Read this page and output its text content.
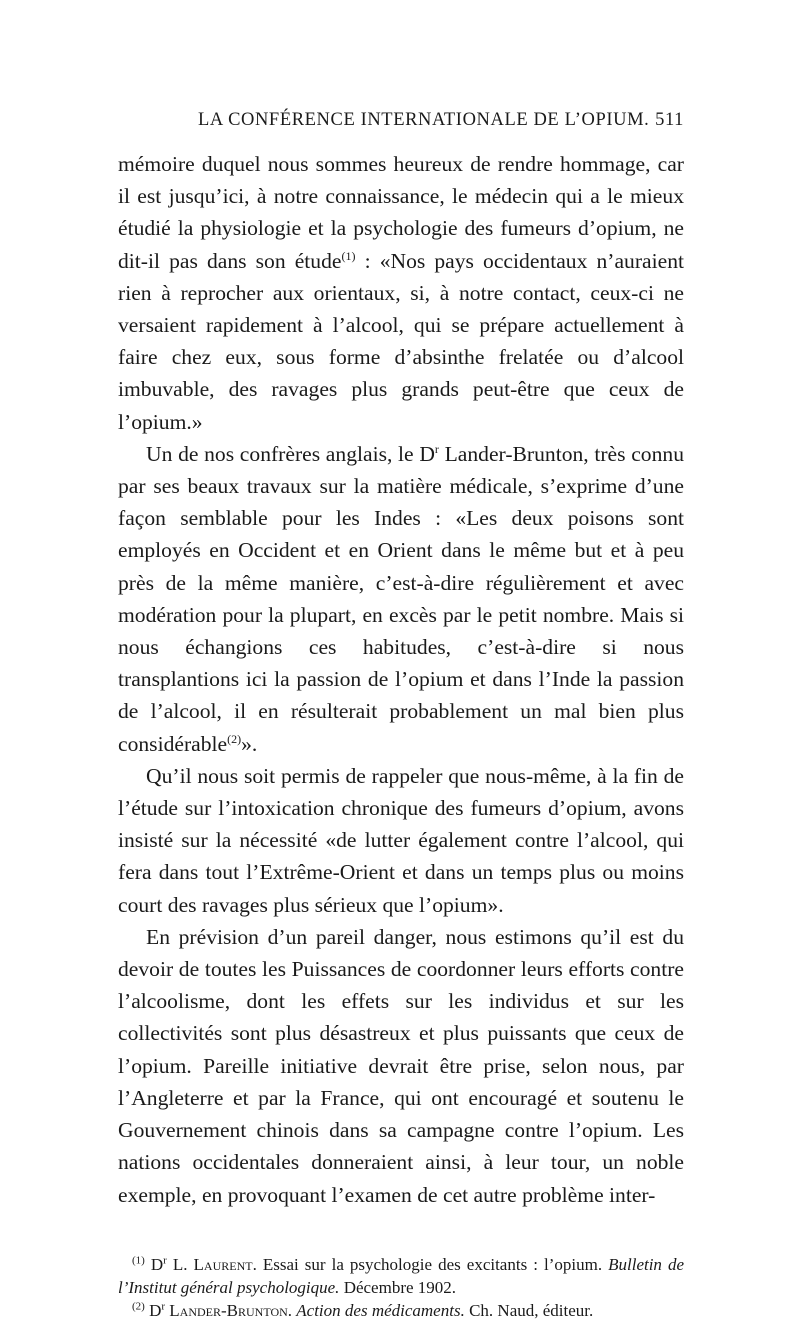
LA CONFÉRENCE INTERNATIONALE DE L’OPIUM. 511

mémoire duquel nous sommes heureux de rendre hommage, car il est jusqu’ici, à notre connaissance, le médecin qui a le mieux étudié la physiologie et la psychologie des fumeurs d’opium, ne dit-il pas dans son étude$^{(1)}$ : «Nos pays occidentaux n’auraient rien à reprocher aux orientaux, si, à notre contact, ceux-ci ne versaient rapidement à l’alcool, qui se prépare actuellement à faire chez eux, sous forme d’absinthe frelatée ou d’alcool imbuvable, des ravages plus grands peut-être que ceux de l’opium.»

Un de nos confrères anglais, le D$^r$ Lander-Brunton, très connu par ses beaux travaux sur la matière médicale, s’exprime d’une façon semblable pour les Indes : «Les deux poisons sont employés en Occident et en Orient dans le même but et à peu près de la même manière, c’est-à-dire régulièrement et avec modération pour la plupart, en excès par le petit nombre. Mais si nous échangions ces habitudes, c’est-à-dire si nous transplantions ici la passion de l’opium et dans l’Inde la passion de l’alcool, il en résulterait probablement un mal bien plus considérable$^{(2)}$».

Qu’il nous soit permis de rappeler que nous-même, à la fin de l’étude sur l’intoxication chronique des fumeurs d’opium, avons insisté sur la nécessité «de lutter également contre l’alcool, qui fera dans tout l’Extrême-Orient et dans un temps plus ou moins court des ravages plus sérieux que l’opium».

En prévision d’un pareil danger, nous estimons qu’il est du devoir de toutes les Puissances de coordonner leurs efforts contre l’alcoolisme, dont les effets sur les individus et sur les collectivités sont plus désastreux et plus puissants que ceux de l’opium. Pareille initiative devrait être prise, selon nous, par l’Angleterre et par la France, qui ont encouragé et soutenu le Gouvernement chinois dans sa campagne contre l’opium. Les nations occidentales donneraient ainsi, à leur tour, un noble exemple, en provoquant l’examen de cet autre problème inter-

$^{(1)}$ $D^r$ L. Laurent. Essai sur la psychologie des excitants : l’opium. Bulletin de l’Institut général psychologique. Décembre 1902.

$^{(2)}$ $D^r$ Lander-Brunton. Action des médicaments. Ch. Naud, éditeur.
